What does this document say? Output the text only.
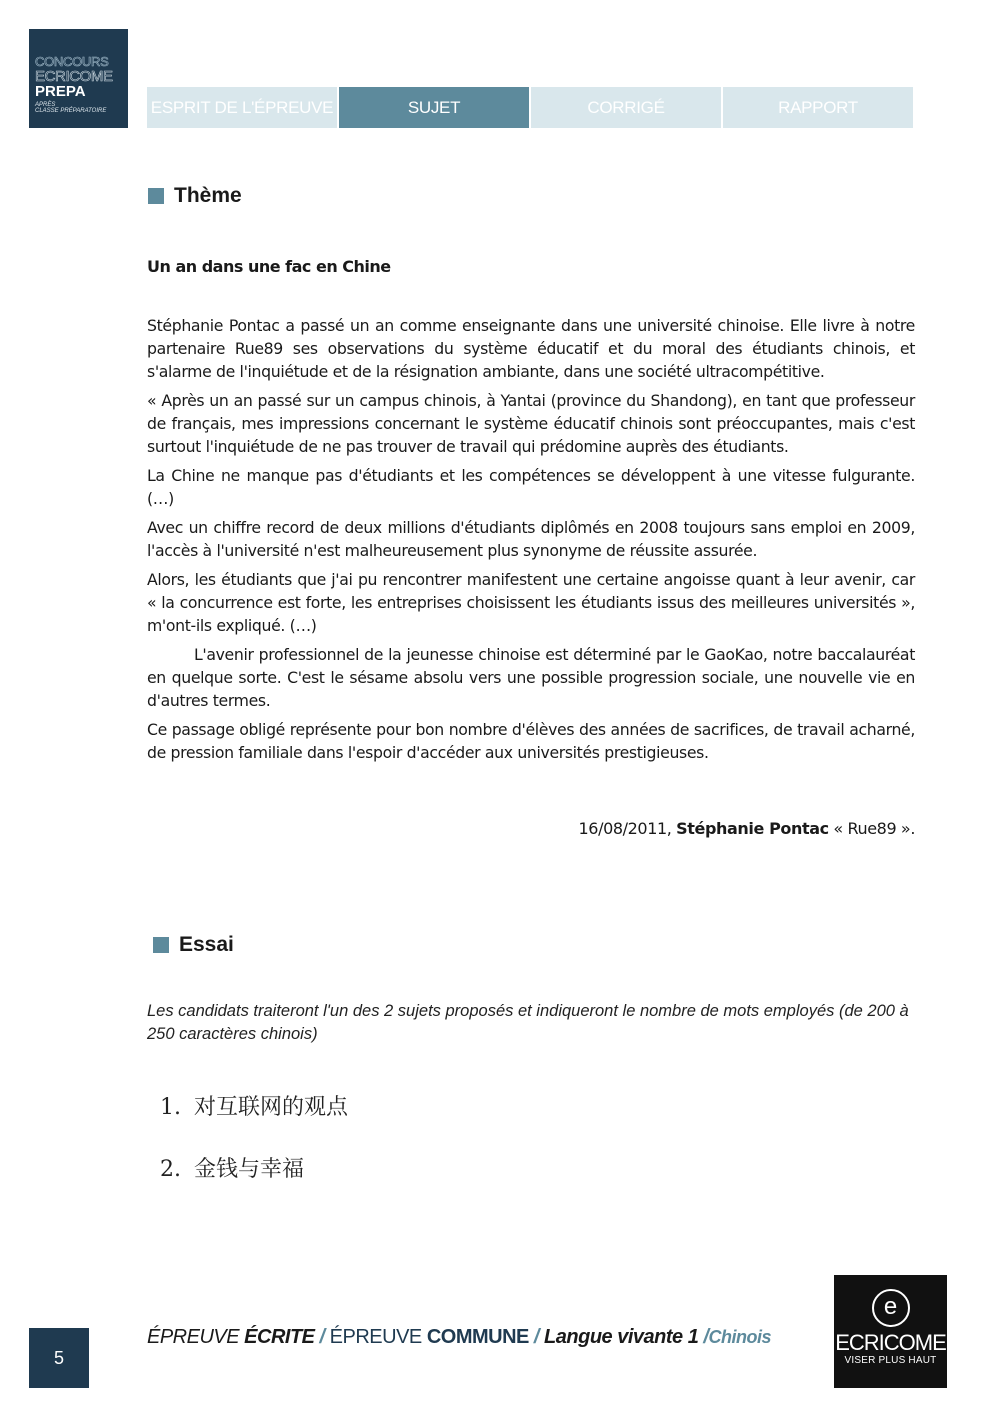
CONCOURS
ECRICOME
PREPA
APRÈS
CLASSE PRÉPARATOIRE	ESPRIT DE L'ÉPREUVE	SUJET	CORRIGÉ	RAPPORT
Thème
Un an dans une fac en Chine

Stéphanie Pontac a passé un an comme enseignante dans une université chinoise. Elle livre à notre partenaire Rue89 ses observations du système éducatif et du moral des étudiants chinois, et s'alarme de l'inquiétude et de la résignation ambiante, dans une société ultracompétitive.

« Après un an passé sur un campus chinois, à Yantai (province du Shandong), en tant que professeur de français, mes impressions concernant le système éducatif chinois sont préoccupantes, mais c'est surtout l'inquiétude de ne pas trouver de travail qui prédomine auprès des étudiants.

La Chine ne manque pas d'étudiants et les compétences se développent à une vitesse fulgurante. (…)

Avec un chiffre record de deux millions d'étudiants diplômés en 2008 toujours sans emploi en 2009, l'accès à l'université n'est malheureusement plus synonyme de réussite assurée.

Alors, les étudiants que j'ai pu rencontrer manifestent une certaine angoisse quant à leur avenir, car « la concurrence est forte, les entreprises choisissent les étudiants issus des meilleures universités », m'ont-ils expliqué. (…)

L'avenir professionnel de la jeunesse chinoise est déterminé par le GaoKao, notre baccalauréat en quelque sorte. C'est le sésame absolu vers une possible progression sociale, une nouvelle vie en d'autres termes.

Ce passage obligé représente pour bon nombre d'élèves des années de sacrifices, de travail acharné, de pression familiale dans l'espoir d'accéder aux universités prestigieuses.

16/08/2011, Stéphanie Pontac « Rue89 ».
Essai
Les candidats traiteront l'un des 2 sujets proposés et indiqueront le nombre de mots employés (de 200 à 250 caractères chinois)
1. 对互联网的观点
2. 金钱与幸福
5
ÉPREUVE ÉCRITE / ÉPREUVE COMMUNE / Langue vivante 1 /Chinois
e
ECRICOME
VISER PLUS HAUT
